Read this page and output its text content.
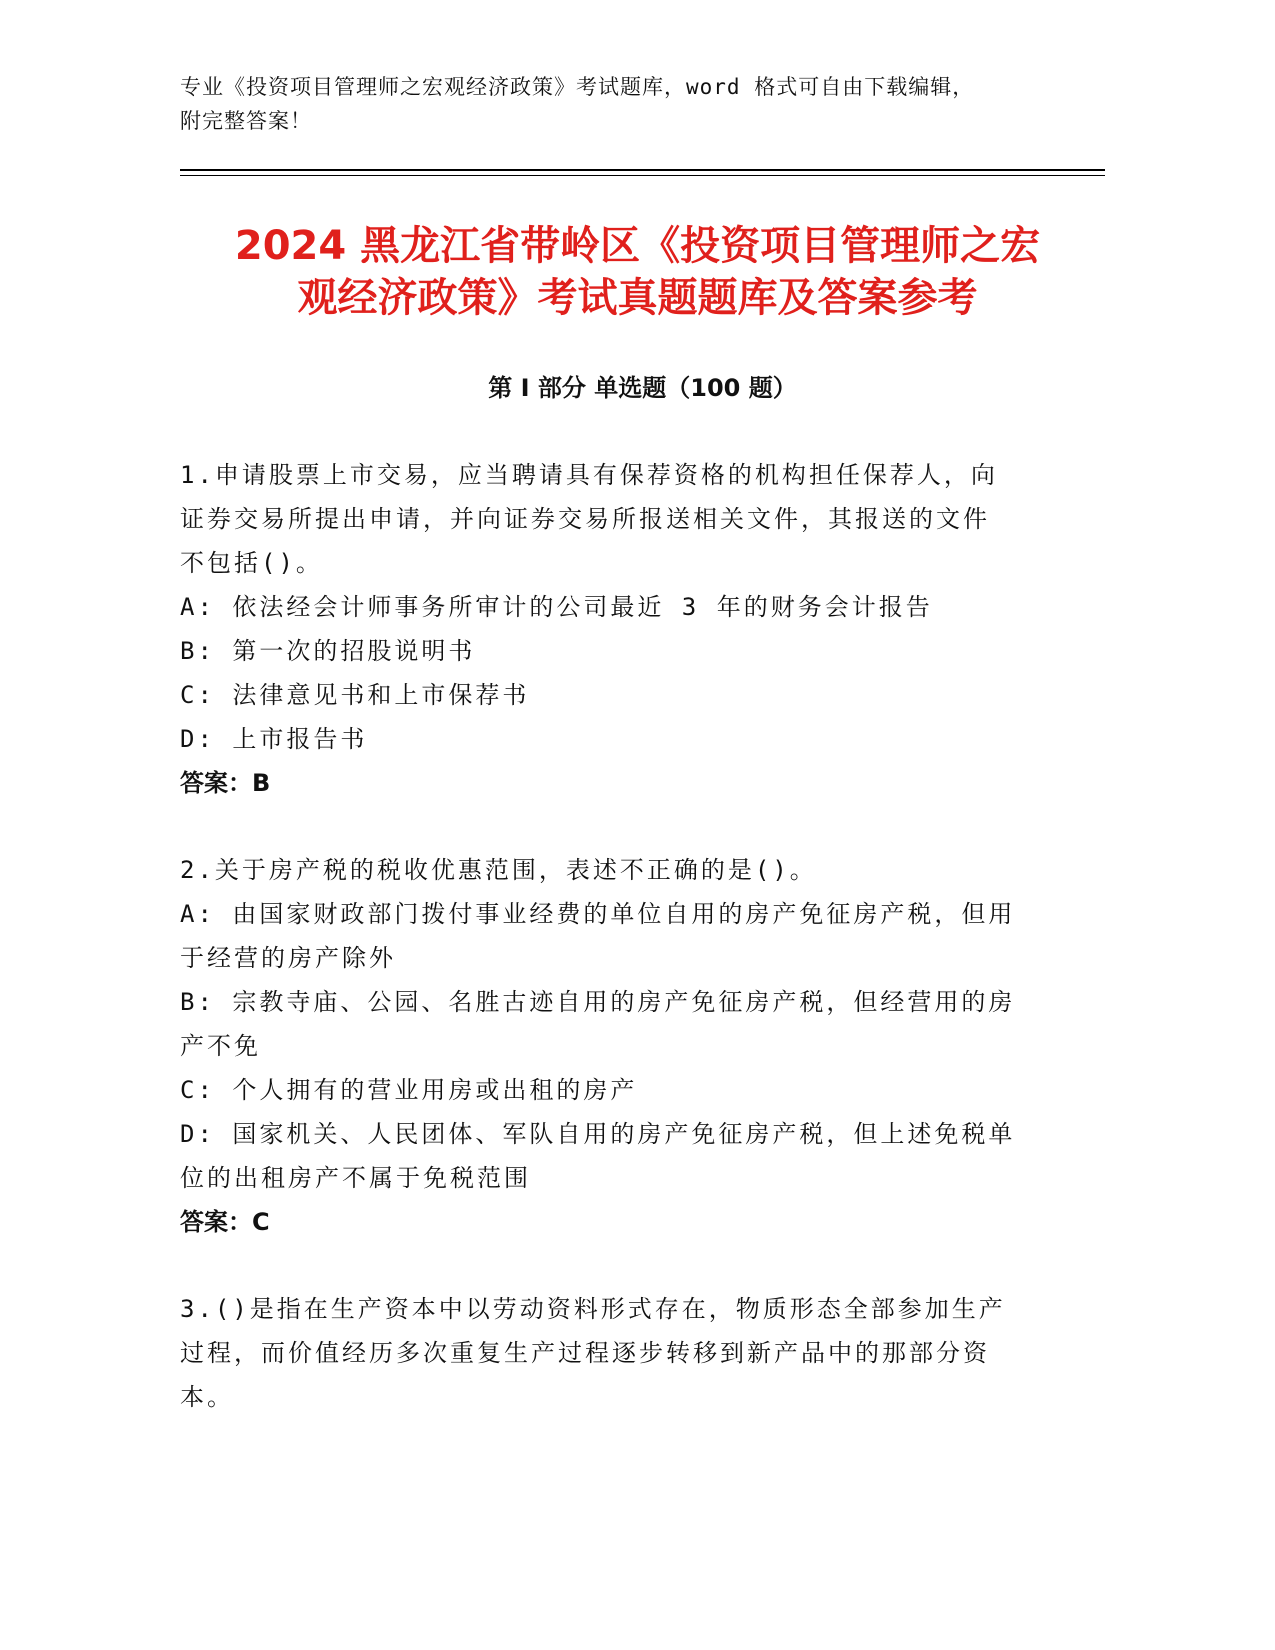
专业《投资项目管理师之宏观经济政策》考试题库，word 格式可自由下载编辑，
附完整答案！
2024 黑龙江省带岭区《投资项目管理师之宏
观经济政策》考试真题题库及答案参考
第 I 部分 单选题（100 题）

1.申请股票上市交易，应当聘请具有保荐资格的机构担任保荐人，向

证券交易所提出申请，并向证券交易所报送相关文件，其报送的文件

不包括()。

A: 依法经会计师事务所审计的公司最近 3 年的财务会计报告

B: 第一次的招股说明书

C: 法律意见书和上市保荐书

D: 上市报告书

答案：B

2.关于房产税的税收优惠范围，表述不正确的是()。

A: 由国家财政部门拨付事业经费的单位自用的房产免征房产税，但用

于经营的房产除外

B: 宗教寺庙、公园、名胜古迹自用的房产免征房产税，但经营用的房

产不免

C: 个人拥有的营业用房或出租的房产

D: 国家机关、人民团体、军队自用的房产免征房产税，但上述免税单

位的出租房产不属于免税范围

答案：C

3.()是指在生产资本中以劳动资料形式存在，物质形态全部参加生产

过程，而价值经历多次重复生产过程逐步转移到新产品中的那部分资

本。
